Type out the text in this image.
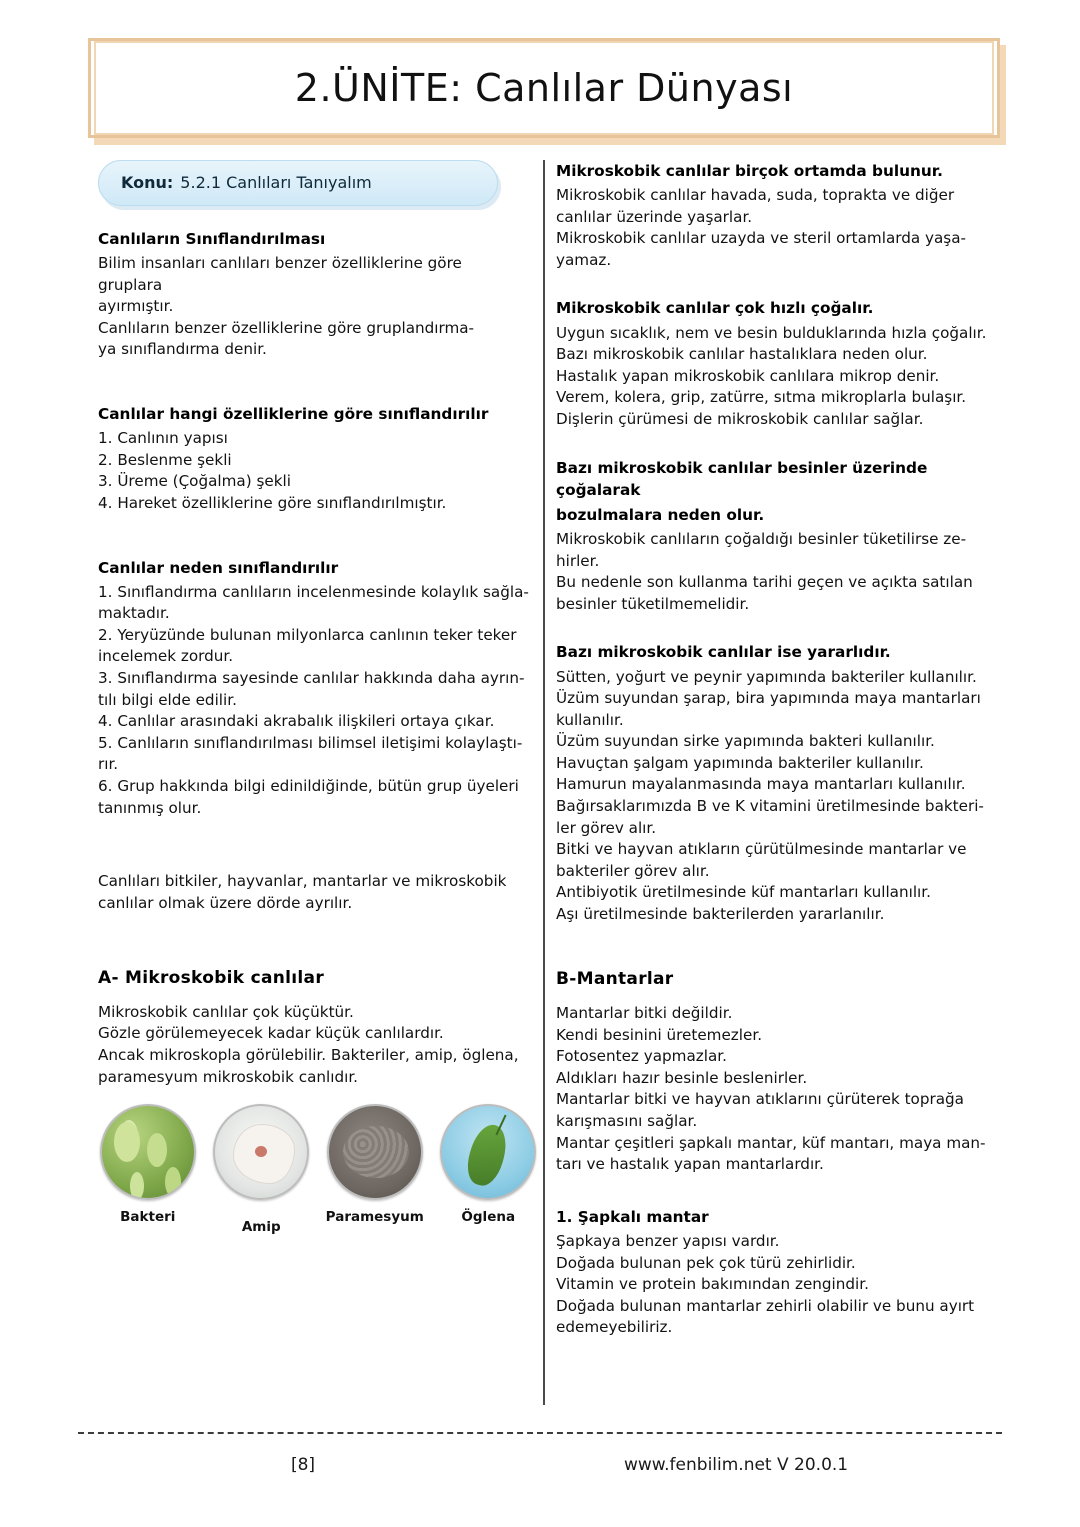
2.ÜNİTE: Canlılar Dünyası
Konu: 5.2.1 Canlıları Tanıyalım
Canlıların Sınıflandırılması

Bilim insanları canlıları benzer özelliklerine göre gruplara

ayırmıştır.

Canlıların benzer özelliklerine göre gruplandırma-

ya sınıflandırma denir.

Canlılar hangi özelliklerine göre sınıflandırılır

1. Canlının yapısı

2. Beslenme şekli

3. Üreme (Çoğalma) şekli

4. Hareket özelliklerine göre sınıflandırılmıştır.

Canlılar neden sınıflandırılır

1. Sınıflandırma canlıların incelenmesinde kolaylık sağla-

maktadır.

2. Yeryüzünde bulunan milyonlarca canlının teker teker

incelemek zordur.

3. Sınıflandırma sayesinde canlılar hakkında daha ayrın-

tılı bilgi elde edilir.

4. Canlılar arasındaki akrabalık ilişkileri ortaya çıkar.

5. Canlıların sınıflandırılması bilimsel iletişimi kolaylaştı-

rır.

6. Grup hakkında bilgi edinildiğinde, bütün grup üyeleri

tanınmış olur.

Canlıları bitkiler, hayvanlar, mantarlar ve mikroskobik

canlılar olmak üzere dörde ayrılır.

A- Mikroskobik canlılar

Mikroskobik canlılar çok küçüktür.

Gözle görülemeyecek kadar küçük canlılardır.

Ancak mikroskopla görülebilir. Bakteriler, amip, öglena,

paramesyum mikroskobik canlıdır.

Bakteri
Amip
Paramesyum	Öglena
Mikroskobik canlılar birçok ortamda bulunur.

Mikroskobik canlılar havada, suda, toprakta ve diğer

canlılar üzerinde yaşarlar.

Mikroskobik canlılar uzayda ve steril ortamlarda yaşa-

yamaz.

Mikroskobik canlılar çok hızlı çoğalır.

Uygun sıcaklık, nem ve besin bulduklarında hızla çoğalır.

Bazı mikroskobik canlılar hastalıklara neden olur.

Hastalık yapan mikroskobik canlılara mikrop denir.

Verem, kolera, grip, zatürre, sıtma mikroplarla bulaşır.

Dişlerin çürümesi de mikroskobik canlılar sağlar.

Bazı mikroskobik canlılar besinler üzerinde çoğalarak
bozulmalara neden olur.

Mikroskobik canlıların çoğaldığı besinler tüketilirse ze-

hirler.

Bu nedenle son kullanma tarihi geçen ve açıkta satılan

besinler tüketilmemelidir.

Bazı mikroskobik canlılar ise yararlıdır.

Sütten, yoğurt ve peynir yapımında bakteriler kullanılır.

Üzüm suyundan şarap, bira yapımında maya mantarları

kullanılır.

Üzüm suyundan sirke yapımında bakteri kullanılır.

Havuçtan şalgam yapımında bakteriler kullanılır.

Hamurun mayalanmasında maya mantarları kullanılır.

Bağırsaklarımızda B ve K vitamini üretilmesinde bakteri-

ler görev alır.

Bitki ve hayvan atıkların çürütülmesinde mantarlar ve

bakteriler görev alır.

Antibiyotik üretilmesinde küf mantarları kullanılır.

Aşı üretilmesinde bakterilerden yararlanılır.

B-Mantarlar

Mantarlar bitki değildir.

Kendi besinini üretemezler.

Fotosentez yapmazlar.

Aldıkları hazır besinle beslenirler.

Mantarlar bitki ve hayvan atıklarını çürüterek toprağa

karışmasını sağlar.

Mantar çeşitleri şapkalı mantar, küf mantarı, maya man-

tarı ve hastalık yapan mantarlardır.

1. Şapkalı mantar

Şapkaya benzer yapısı vardır.

Doğada bulunan pek çok türü zehirlidir.

Vitamin ve protein bakımından zengindir.

Doğada bulunan mantarlar zehirli olabilir ve bunu ayırt

edemeyebiliriz.

[8]	www.fenbilim.net V 20.0.1
